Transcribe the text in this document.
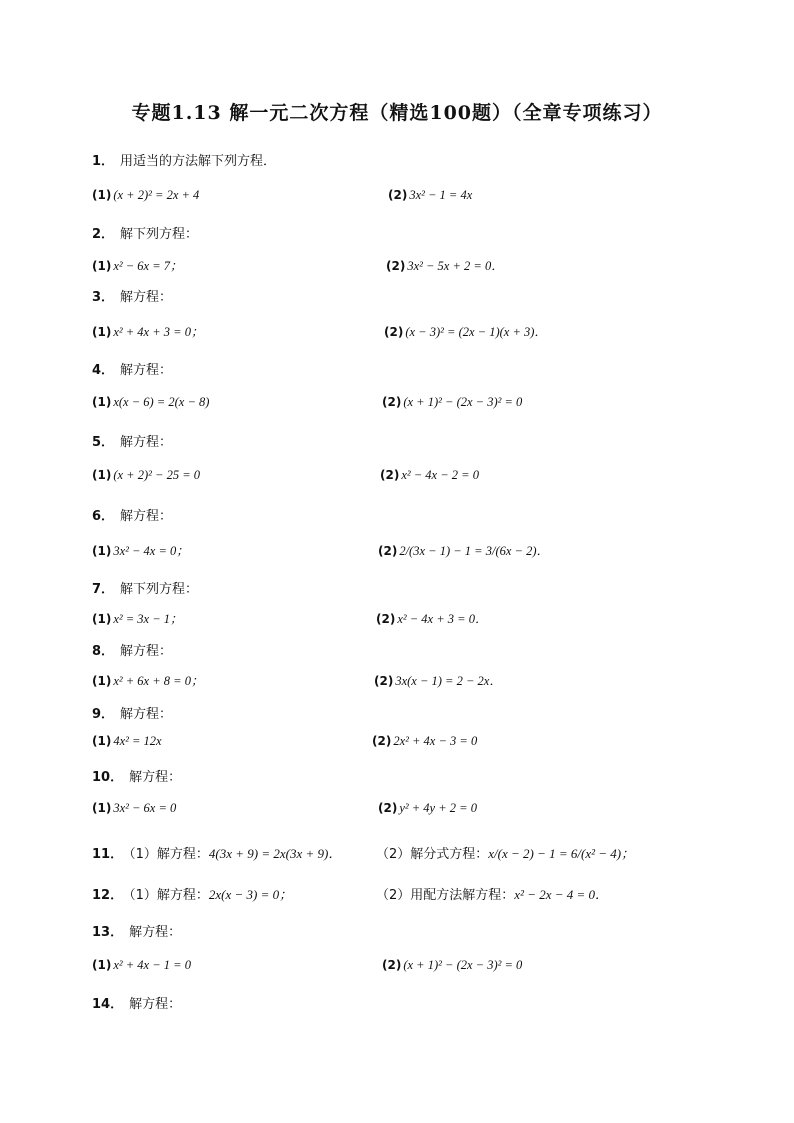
专题1.13 解一元二次方程（精选100题）（全章专项练习）
1． 用适当的方法解下列方程．
(1) (x + 2)² = 2x + 4	(2) 3x² − 1 = 4x
2． 解下列方程：
(1) x² − 6x = 7；	(2) 3x² − 5x + 2 = 0．
3． 解方程：
(1) x² + 4x + 3 = 0；	(2) (x − 3)² = (2x − 1)(x + 3)．
4． 解方程：
(1) x(x − 6) = 2(x − 8)	(2) (x + 1)² − (2x − 3)² = 0
5． 解方程：
(1) (x + 2)² − 25 = 0	(2) x² − 4x − 2 = 0
6． 解方程：
(1) 3x² − 4x = 0；	(2) 2/(3x − 1) − 1 = 3/(6x − 2)．
7． 解下列方程：
(1) x² = 3x − 1；	(2) x² − 4x + 3 = 0．
8． 解方程：
(1) x² + 6x + 8 = 0；	(2) 3x(x − 1) = 2 − 2x．
9． 解方程：
(1) 4x² = 12x	(2) 2x² + 4x − 3 = 0
10． 解方程：
(1) 3x² − 6x = 0	(2) y² + 4y + 2 = 0
11． （1）解方程：4(3x + 9) = 2x(3x + 9)．	（2）解分式方程：x/(x − 2) − 1 = 6/(x² − 4)；
12． （1）解方程：2x(x − 3) = 0；	（2）用配方法解方程：x² − 2x − 4 = 0．
13． 解方程：
(1) x² + 4x − 1 = 0	(2) (x + 1)² − (2x − 3)² = 0
14． 解方程：
